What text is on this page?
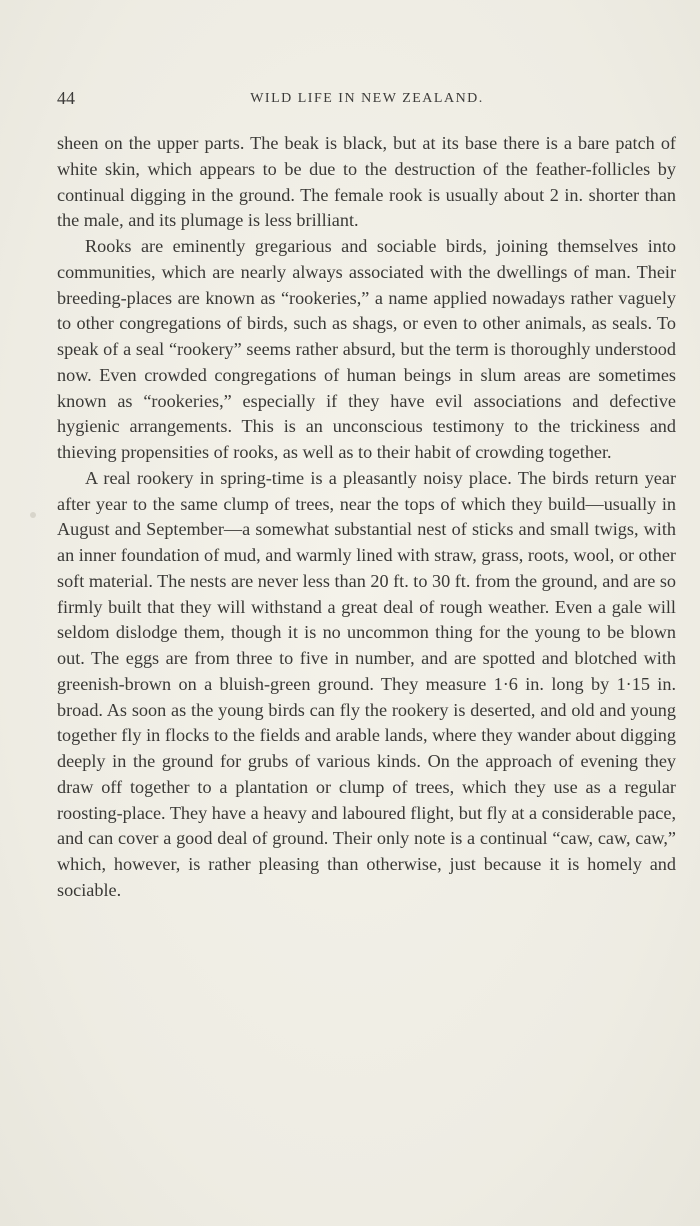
44	WILD LIFE IN NEW ZEALAND.

sheen on the upper parts. The beak is black, but at its base there is a bare patch of white skin, which appears to be due to the destruction of the feather-follicles by continual digging in the ground. The female rook is usually about 2 in. shorter than the male, and its plumage is less brilliant.

Rooks are eminently gregarious and sociable birds, joining themselves into communities, which are nearly always associated with the dwellings of man. Their breeding-places are known as “rookeries,” a name applied nowadays rather vaguely to other congregations of birds, such as shags, or even to other animals, as seals. To speak of a seal “rookery” seems rather absurd, but the term is thoroughly understood now. Even crowded congregations of human beings in slum areas are sometimes known as “rookeries,” especially if they have evil associations and defective hygienic arrangements. This is an unconscious testimony to the trickiness and thieving propensities of rooks, as well as to their habit of crowding together.

A real rookery in spring-time is a pleasantly noisy place. The birds return year after year to the same clump of trees, near the tops of which they build—usually in August and September—a somewhat substantial nest of sticks and small twigs, with an inner foundation of mud, and warmly lined with straw, grass, roots, wool, or other soft material. The nests are never less than 20 ft. to 30 ft. from the ground, and are so firmly built that they will withstand a great deal of rough weather. Even a gale will seldom dislodge them, though it is no uncommon thing for the young to be blown out. The eggs are from three to five in number, and are spotted and blotched with greenish-brown on a bluish-green ground. They measure 1·6 in. long by 1·15 in. broad. As soon as the young birds can fly the rookery is deserted, and old and young together fly in flocks to the fields and arable lands, where they wander about digging deeply in the ground for grubs of various kinds. On the approach of evening they draw off together to a plantation or clump of trees, which they use as a regular roosting-place. They have a heavy and laboured flight, but fly at a considerable pace, and can cover a good deal of ground. Their only note is a continual “caw, caw, caw,” which, however, is rather pleasing than otherwise, just because it is homely and sociable.
